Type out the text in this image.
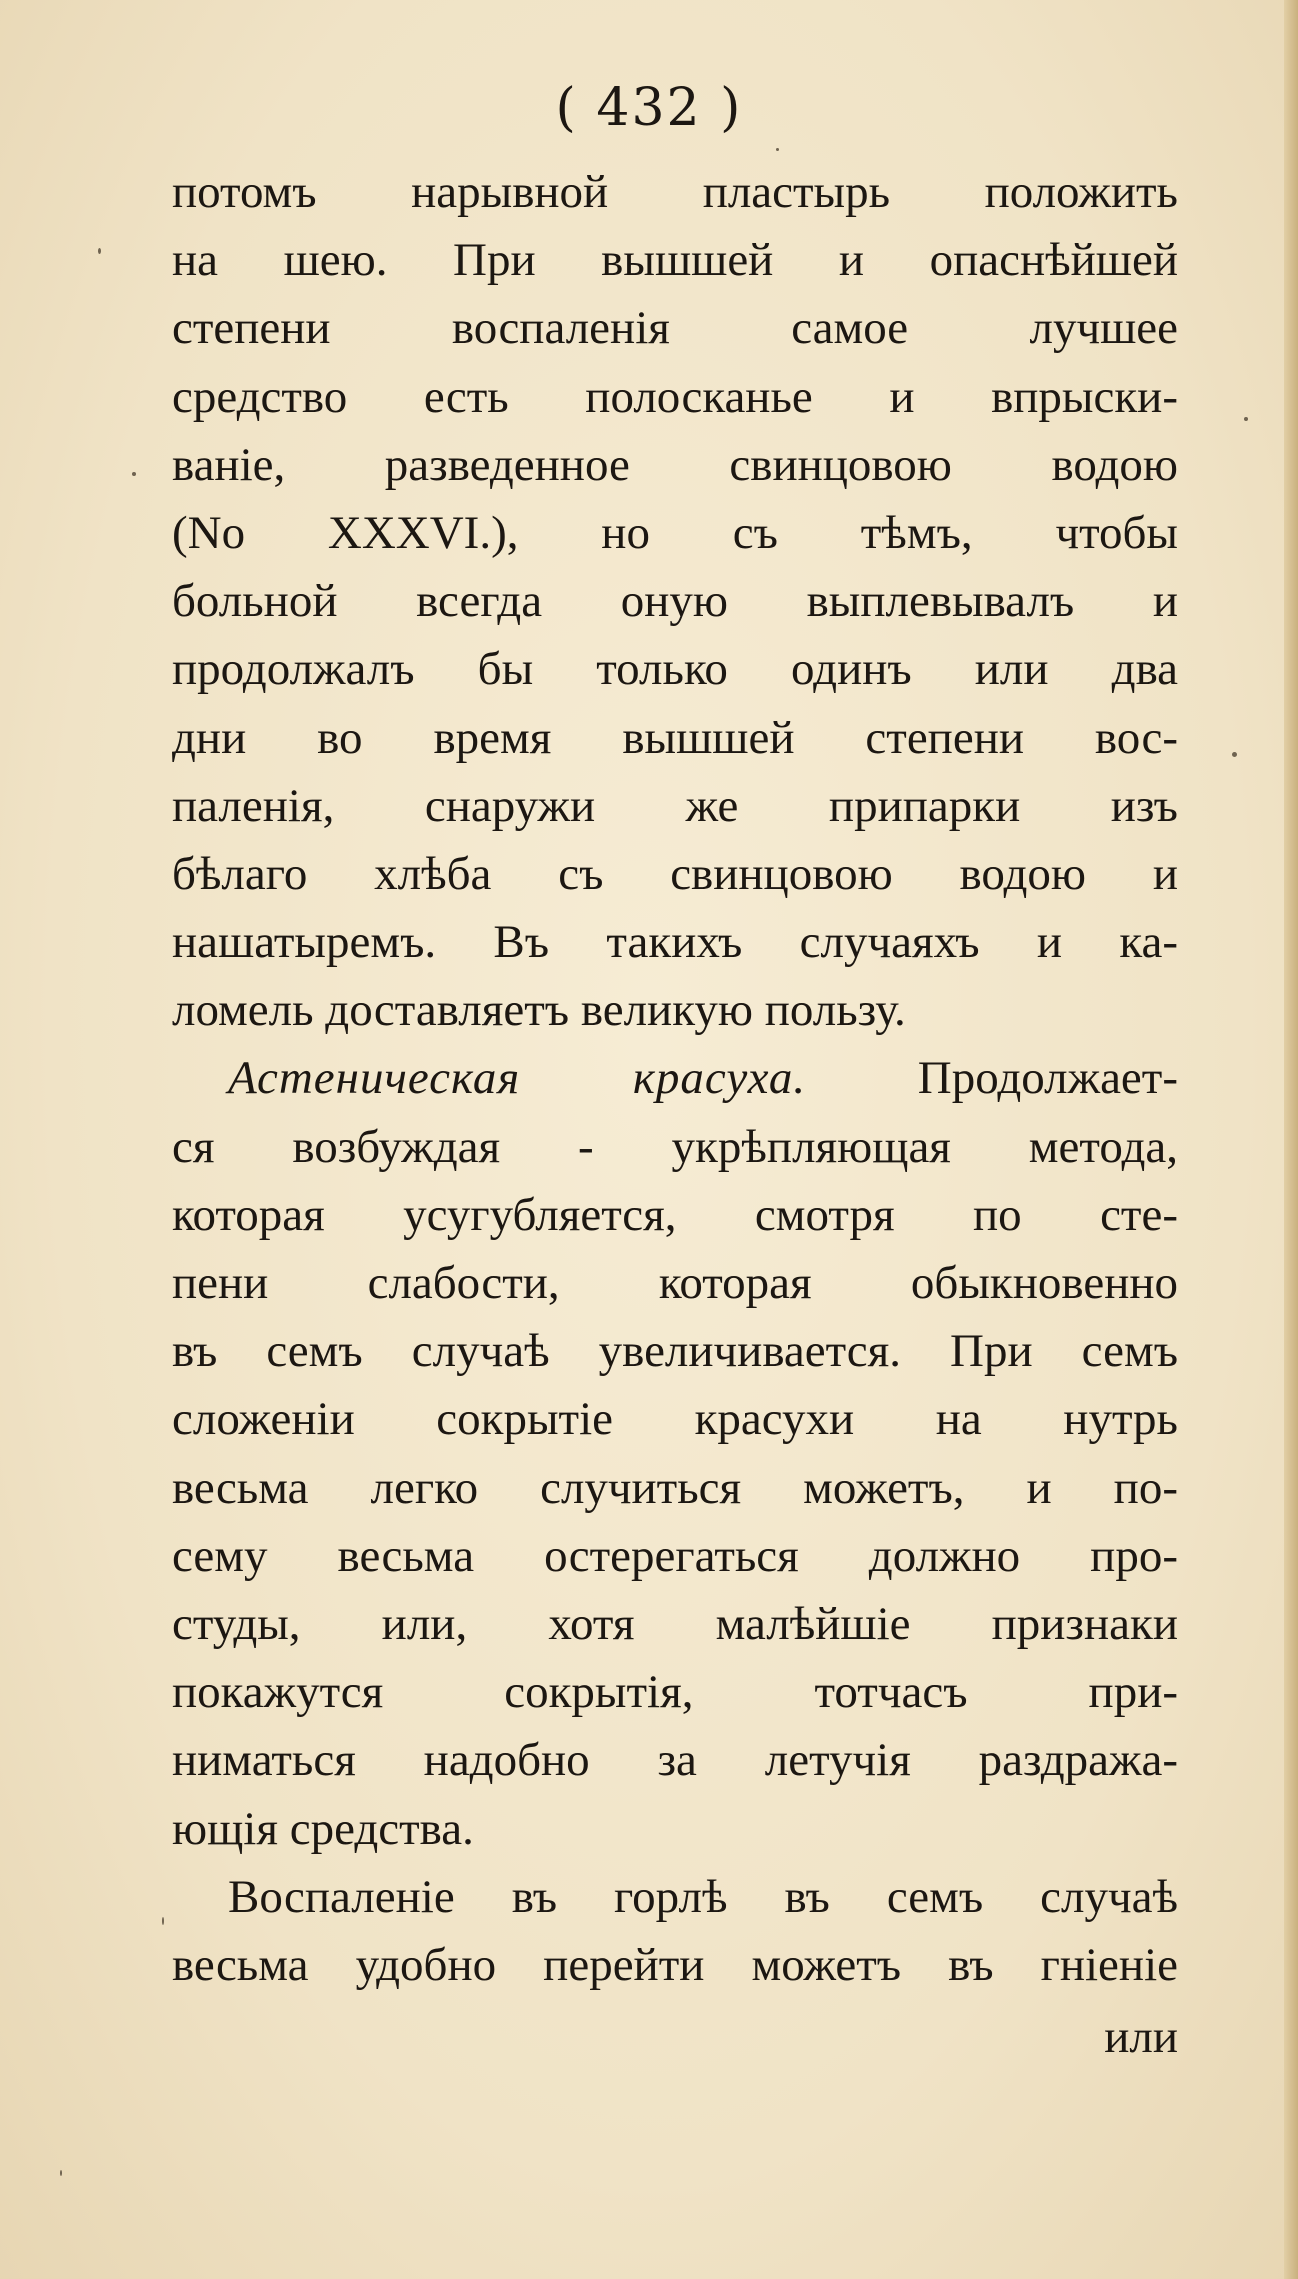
( 432 )
потомъ нарывной пластырь положить
на шею. При вышшей и опаснѣйшей
степени воспаленія самое лучшее
средство есть полосканье и впрыски-
ваніе, разведенное свинцовою водою
(No XXXVI.), но съ тѣмъ, чтобы
больной всегда оную выплевывалъ и
продолжалъ бы только одинъ или два
дни во время вышшей степени вос-
паленія, снаружи же припарки изъ
бѣлаго хлѣба съ свинцовою водою и
нашатыремъ. Въ такихъ случаяхъ и ка-
ломель доставляетъ великую пользу.
Астеническая красуха. Продолжает-
ся возбуждая - укрѣпляющая метода,
которая усугубляется, смотря по сте-
пени слабости, которая обыкновенно
въ семъ случаѣ увеличивается. При семъ
сложеніи сокрытіе красухи на нутрь
весьма легко случиться можетъ, и по-
сему весьма остерегаться должно про-
студы, или, хотя малѣйшіе признаки
покажутся сокрытія, тотчасъ при-
ниматься надобно за летучія раздража-
ющія средства.
Воспаленіе въ горлѣ въ семъ случаѣ
весьма удобно перейти можетъ въ гніеніе
или
